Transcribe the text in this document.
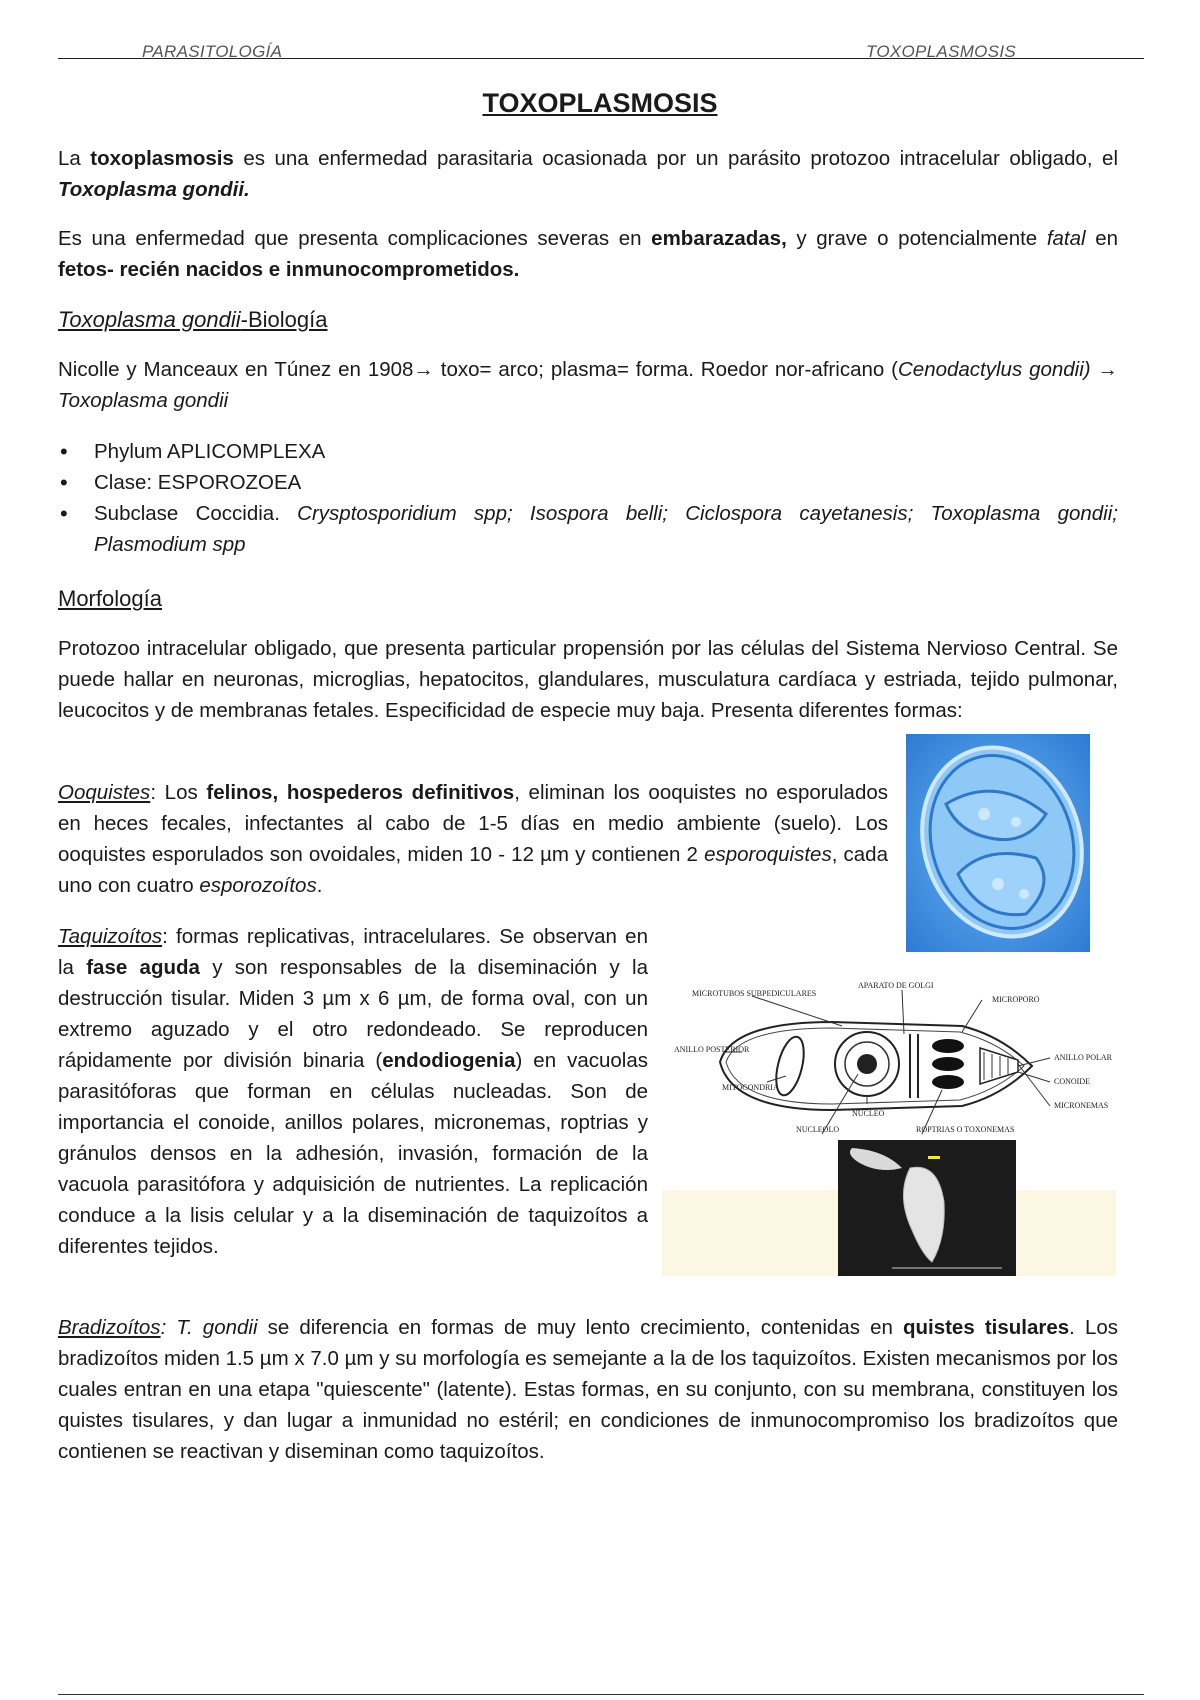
PARASITOLOGÍA	TOXOPLASMOSIS
TOXOPLASMOSIS

La toxoplasmosis es una enfermedad parasitaria ocasionada por un parásito protozoo intracelular obligado, el Toxoplasma gondii.

Es una enfermedad que presenta complicaciones severas en embarazadas, y grave o potencialmente fatal en fetos- recién nacidos e inmunocomprometidos.

Toxoplasma gondii-Biología

Nicolle y Manceaux en Túnez en 1908→ toxo= arco; plasma= forma. Roedor nor-africano (Cenodactylus gondii) → Toxoplasma gondii

• Phylum APLICOMPLEXA
• Clase: ESPOROZOEA
• Subclase Coccidia. Crysptosporidium spp; Isospora belli; Ciclospora cayetanesis; Toxoplasma gondii; Plasmodium spp
Morfología

Protozoo intracelular obligado, que presenta particular propensión por las células del Sistema Nervioso Central. Se puede hallar en neuronas, microglias, hepatocitos, glandulares, musculatura cardíaca y estriada, tejido pulmonar, leucocitos y de membranas fetales. Especificidad de especie muy baja. Presenta diferentes formas:

Ooquistes: Los felinos, hospederos definitivos, eliminan los ooquistes no esporulados en heces fecales, infectantes al cabo de 1-5 días en medio ambiente (suelo). Los ooquistes esporulados son ovoidales, miden 10 - 12 µm y contienen 2 esporoquistes, cada uno con cuatro esporozoítos.

Taquizoítos: formas replicativas, intracelulares. Se observan en la fase aguda y son responsables de la diseminación y la destrucción tisular. Miden 3 µm x 6 µm, de forma oval, con un extremo aguzado y el otro redondeado. Se reproducen rápidamente por división binaria (endodiogenia) en vacuolas parasitóforas que forman en células nucleadas. Son de importancia el conoide, anillos polares, micronemas, roptrias y gránulos densos en la adhesión, invasión, formación de la vacuola parasitófora y adquisición de nutrientes. La replicación conduce a la lisis celular y a la diseminación de taquizoítos a diferentes tejidos.

MICROTUBOS SUBPEDICULARES
APARATO DE GOLGI
MICROPORO
ANILLO POSTERIOR
ANILLO POLAR
CONOIDE
MITOCONDRIA
MICRONEMAS
NUCLEO
NUCLEOLO	ROPTRIAS O TOXONEMAS

Bradizoítos: T. gondii se diferencia en formas de muy lento crecimiento, contenidas en quistes tisulares. Los bradizoítos miden 1.5 µm x 7.0 µm y su morfología es semejante a la de los taquizoítos. Existen mecanismos por los cuales entran en una etapa "quiescente" (latente). Estas formas, en su conjunto, con su membrana, constituyen los quistes tisulares, y dan lugar a inmunidad no estéril; en condiciones de inmunocompromiso los bradizoítos que contienen se reactivan y diseminan como taquizoítos.
